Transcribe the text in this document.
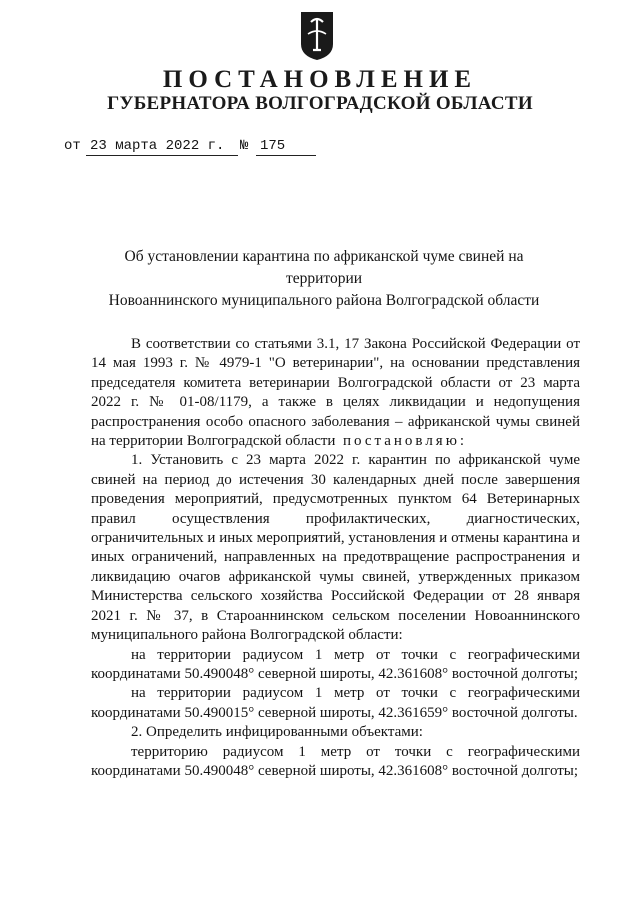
ПОСТАНОВЛЕНИЕ
ГУБЕРНАТОРА ВОЛГОГРАДСКОЙ ОБЛАСТИ
от 23 марта 2022 г.	№ 175
Об установлении карантина по африканской чуме свиней на территории
Новоаннинского муниципального района Волгоградской области

В соответствии со статьями 3.1, 17 Закона Российской Федерации от 14 мая 1993 г. № 4979-1 "О ветеринарии", на основании представления председателя комитета ветеринарии Волгоградской области от 23 марта 2022 г. № 01-08/1179, а также в целях ликвидации и недопущения распространения особо опасного заболевания – африканской чумы свиней на территории Волгоградской области постановляю:

1. Установить с 23 марта 2022 г. карантин по африканской чуме свиней на период до истечения 30 календарных дней после завершения проведения мероприятий, предусмотренных пунктом 64 Ветеринарных правил осуществления профилактических, диагностических, ограничительных и иных мероприятий, установления и отмены карантина и иных ограничений, направленных на предотвращение распространения и ликвидацию очагов африканской чумы свиней, утвержденных приказом Министерства сельского хозяйства Российской Федерации от 28 января 2021 г. № 37, в Староаннинском сельском поселении Новоаннинского муниципального района Волгоградской области:

на территории радиусом 1 метр от точки с географическими координатами 50.490048° северной широты, 42.361608° восточной долготы;

на территории радиусом 1 метр от точки с географическими координатами 50.490015° северной широты, 42.361659° восточной долготы.

2. Определить инфицированными объектами:

территорию радиусом 1 метр от точки с географическими координатами 50.490048° северной широты, 42.361608° восточной долготы;
